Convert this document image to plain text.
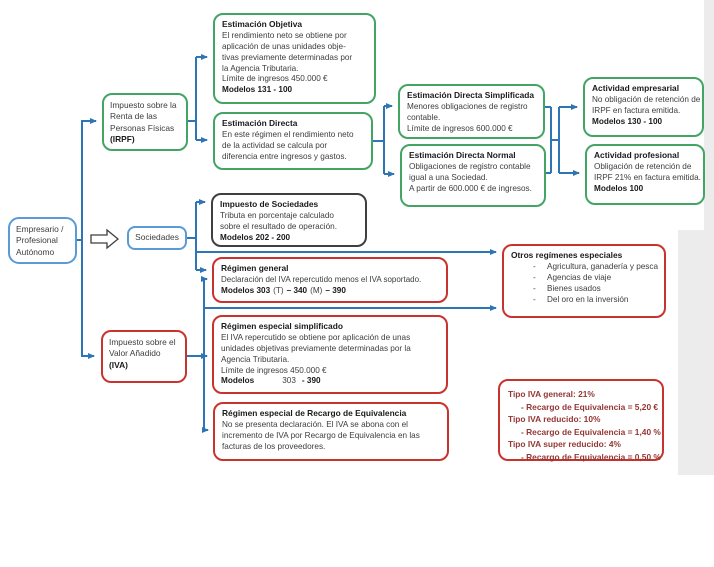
Empresario /
Profesional
Autónomo
Impuesto sobre la
Renta de las
Personas Físicas
(IRPF)
Sociedades
Impuesto sobre el
Valor Añadido
(IVA)
Estimación Objetiva
El rendimiento neto se obtiene por
aplicación de unas unidades obje-
tivas previamente determinadas por
la Agencia Tributaria.
Límite de ingresos 450.000 €
Modelos 131 - 100
Estimación Directa
En este régimen el rendimiento neto
de la actividad se calcula por
diferencia entre ingresos y gastos.
Impuesto de Sociedades
Tributa en porcentaje calculado
sobre el resultado de operación.
Modelos 202 - 200
Régimen general
Declaración del IVA repercutido menos el IVA soportado.
Modelos 303 (T) – 340 (M) – 390
Régimen especial simplificado
El IVA repercutido se obtiene por aplicación de unas
unidades objetivas previamente determinadas por la
Agencia Tributaria.
Límite de ingresos 450.000 €
Modelos	303 - 390
Régimen especial de Recargo de Equivalencia
No se presenta declaración. El IVA se abona con el
incremento de IVA por Recargo de Equivalencia en las
facturas de los proveedores.
Estimación Directa Simplificada
Menores obligaciones de registro
contable.
Límite de ingresos 600.000 €
Estimación Directa Normal
Obligaciones de registro contable
igual a una Sociedad.
A partir de 600.000 € de ingresos.
Actividad empresarial
No obligación de retención de
IRPF en factura emitida.
Modelos 130 - 100
Actividad profesional
Obligación de retención de
IRPF 21% en factura emitida.
Modelos 100
Otros regímenes especiales
- Agricultura, ganadería y pesca
- Agencias de viaje
- Bienes usados
- Del oro en la inversión
Tipo IVA general: 21%
- Recargo de Equivalencia = 5,20 €
Tipo IVA reducido: 10%
- Recargo de Equivalencia = 1,40 %
Tipo IVA super reducido: 4%
- Recargo de Equivalencia = 0,50 %
